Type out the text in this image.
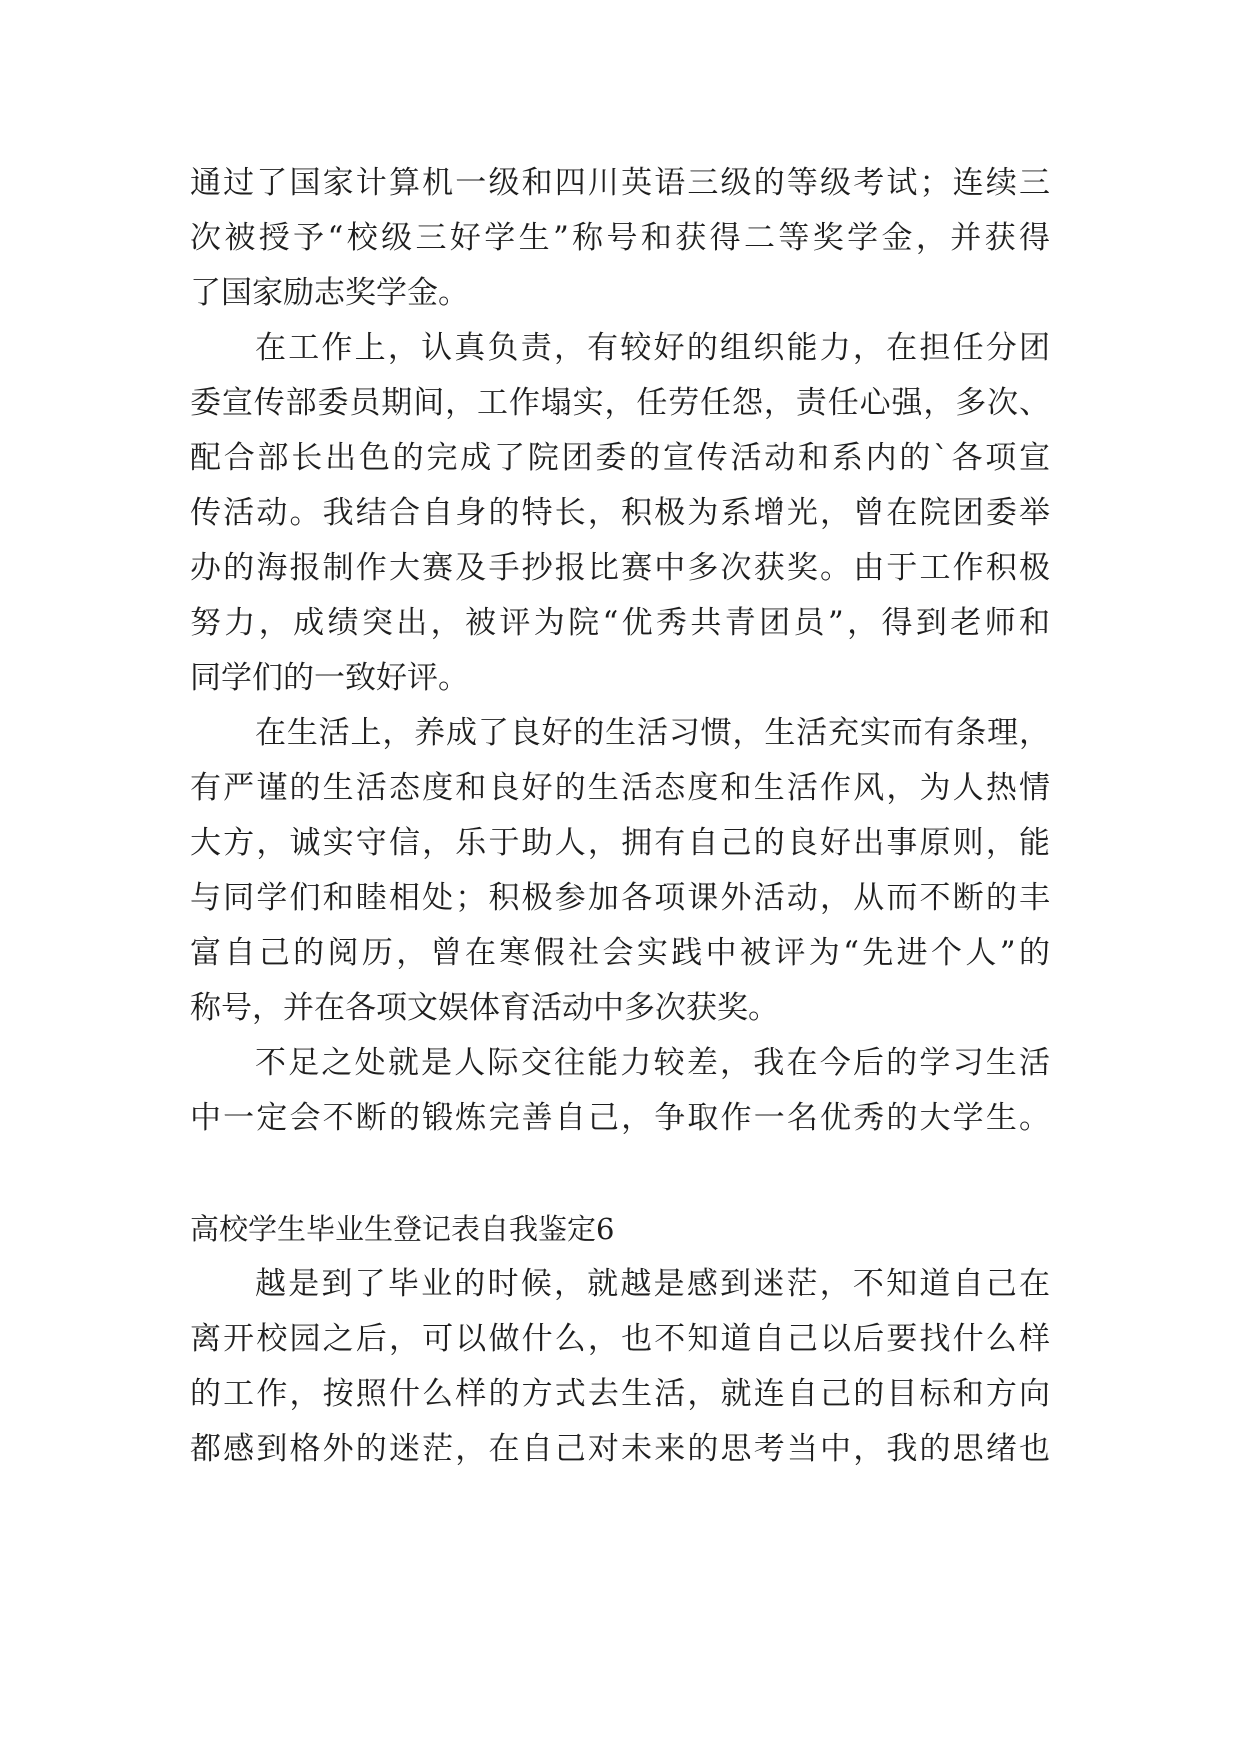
通过了国家计算机一级和四川英语三级的等级考试；连续三
次被授予“校级三好学生”称号和获得二等奖学金，并获得
了国家励志奖学金。
在工作上，认真负责，有较好的组织能力，在担任分团
委宣传部委员期间，工作塌实，任劳任怨，责任心强，多次、
配合部长出色的完成了院团委的宣传活动和系内的`各项宣
传活动。我结合自身的特长，积极为系增光，曾在院团委举
办的海报制作大赛及手抄报比赛中多次获奖。由于工作积极
努力，成绩突出，被评为院“优秀共青团员”，得到老师和
同学们的一致好评。
在生活上，养成了良好的生活习惯，生活充实而有条理，
有严谨的生活态度和良好的生活态度和生活作风，为人热情
大方，诚实守信，乐于助人，拥有自己的良好出事原则，能
与同学们和睦相处；积极参加各项课外活动，从而不断的丰
富自己的阅历，曾在寒假社会实践中被评为“先进个人”的
称号，并在各项文娱体育活动中多次获奖。
不足之处就是人际交往能力较差，我在今后的学习生活
中一定会不断的锻炼完善自己，争取作一名优秀的大学生。
高校学生毕业生登记表自我鉴定6
越是到了毕业的时候，就越是感到迷茫，不知道自己在
离开校园之后，可以做什么，也不知道自己以后要找什么样
的工作，按照什么样的方式去生活，就连自己的目标和方向
都感到格外的迷茫，在自己对未来的思考当中，我的思绪也
